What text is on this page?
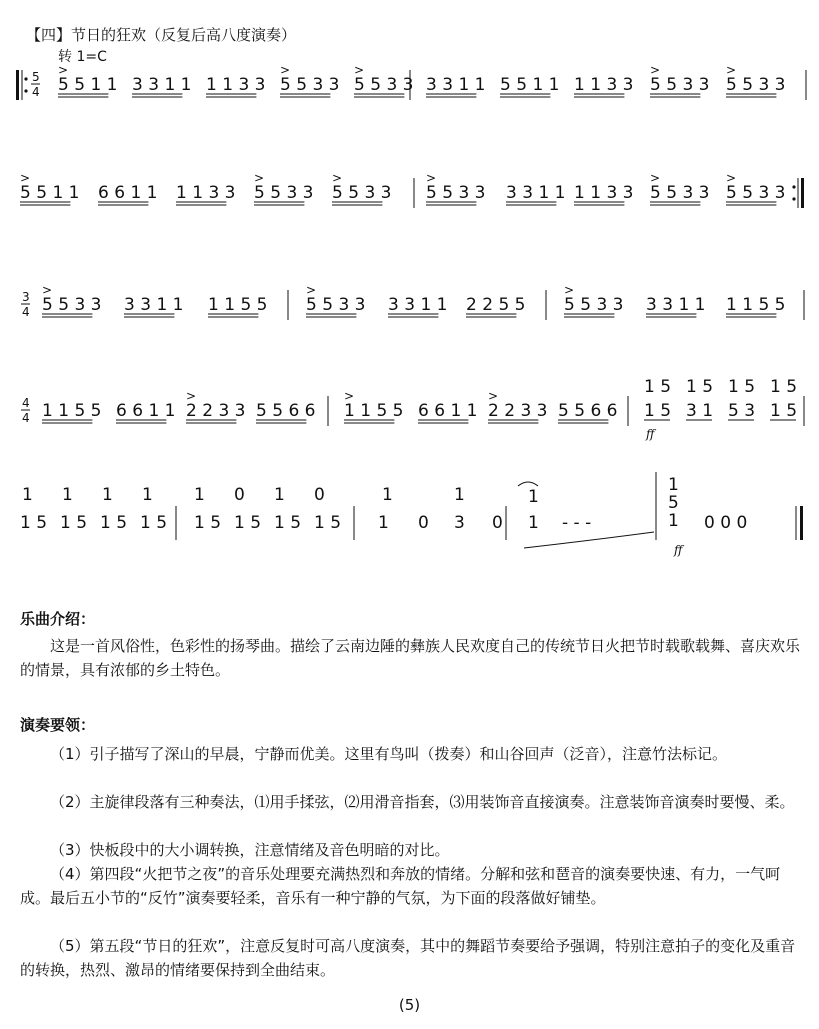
【四】节日的狂欢（反复后高八度演奏）
转 1=C
5
4 5 5 1 1
>
3 3 1 1 1 1 3 3 5 5 3 3
>
5 5 3 3
>
3 3 1 1 5 5 1 1 1 1 3 3 5 5 3 3
>
5 5 3 3
>
5 5 1 1
>
6 6 1 1 1 1 3 3 5 5 3 3
>
5 5 3 3
>
5 5 3 3
>
3 3 1 1 1 1 3 3 5 5 3 3
>
5 5 3 3
>
3
4 5 5 3 3
>
3 3 1 1 1 1 5 5 5 5 3 3
>
3 3 1 1 2 2 5 5 5 5 3 3
>
3 3 1 1 1 1 5 5
4
4 1 1 5 5 6 6 1 1 2 2 3 3
>
5 5 6 6 1 1 5 5
>
6 6 1 1 2 2 3 3
>
5 5 6 6
1 5 1 5 1 5 1 5
1 5 3 1 5 3 1 5
ff
1 1 1 1 1 0 1 0	1	1
1 5 1 5 1 5 1 5 1 5 1 5 1 5 1 5 1 0 3 0
1
1 - - -
1
5
1 0 0 0
ff
乐曲介绍：

这是一首风俗性，色彩性的扬琴曲。描绘了云南边陲的彝族人民欢度自己的传统节日火把节时载歌载舞、喜庆欢乐的情景，具有浓郁的乡土特色。

演奏要领：

（1）引子描写了深山的早晨，宁静而优美。这里有鸟叫（拨奏）和山谷回声（泛音），注意竹法标记。

（2）主旋律段落有三种奏法，⑴用手揉弦，⑵用滑音指套，⑶用装饰音直接演奏。注意装饰音演奏时要慢、柔。

（3）快板段中的大小调转换，注意情绪及音色明暗的对比。

（4）第四段“火把节之夜”的音乐处理要充满热烈和奔放的情绪。分解和弦和琶音的演奏要快速、有力，一气呵成。最后五小节的“反竹”演奏要轻柔，音乐有一种宁静的气氛，为下面的段落做好铺垫。

（5）第五段“节日的狂欢”，注意反复时可高八度演奏，其中的舞蹈节奏要给予强调，特别注意拍子的变化及重音的转换，热烈、激昂的情绪要保持到全曲结束。

(5)
